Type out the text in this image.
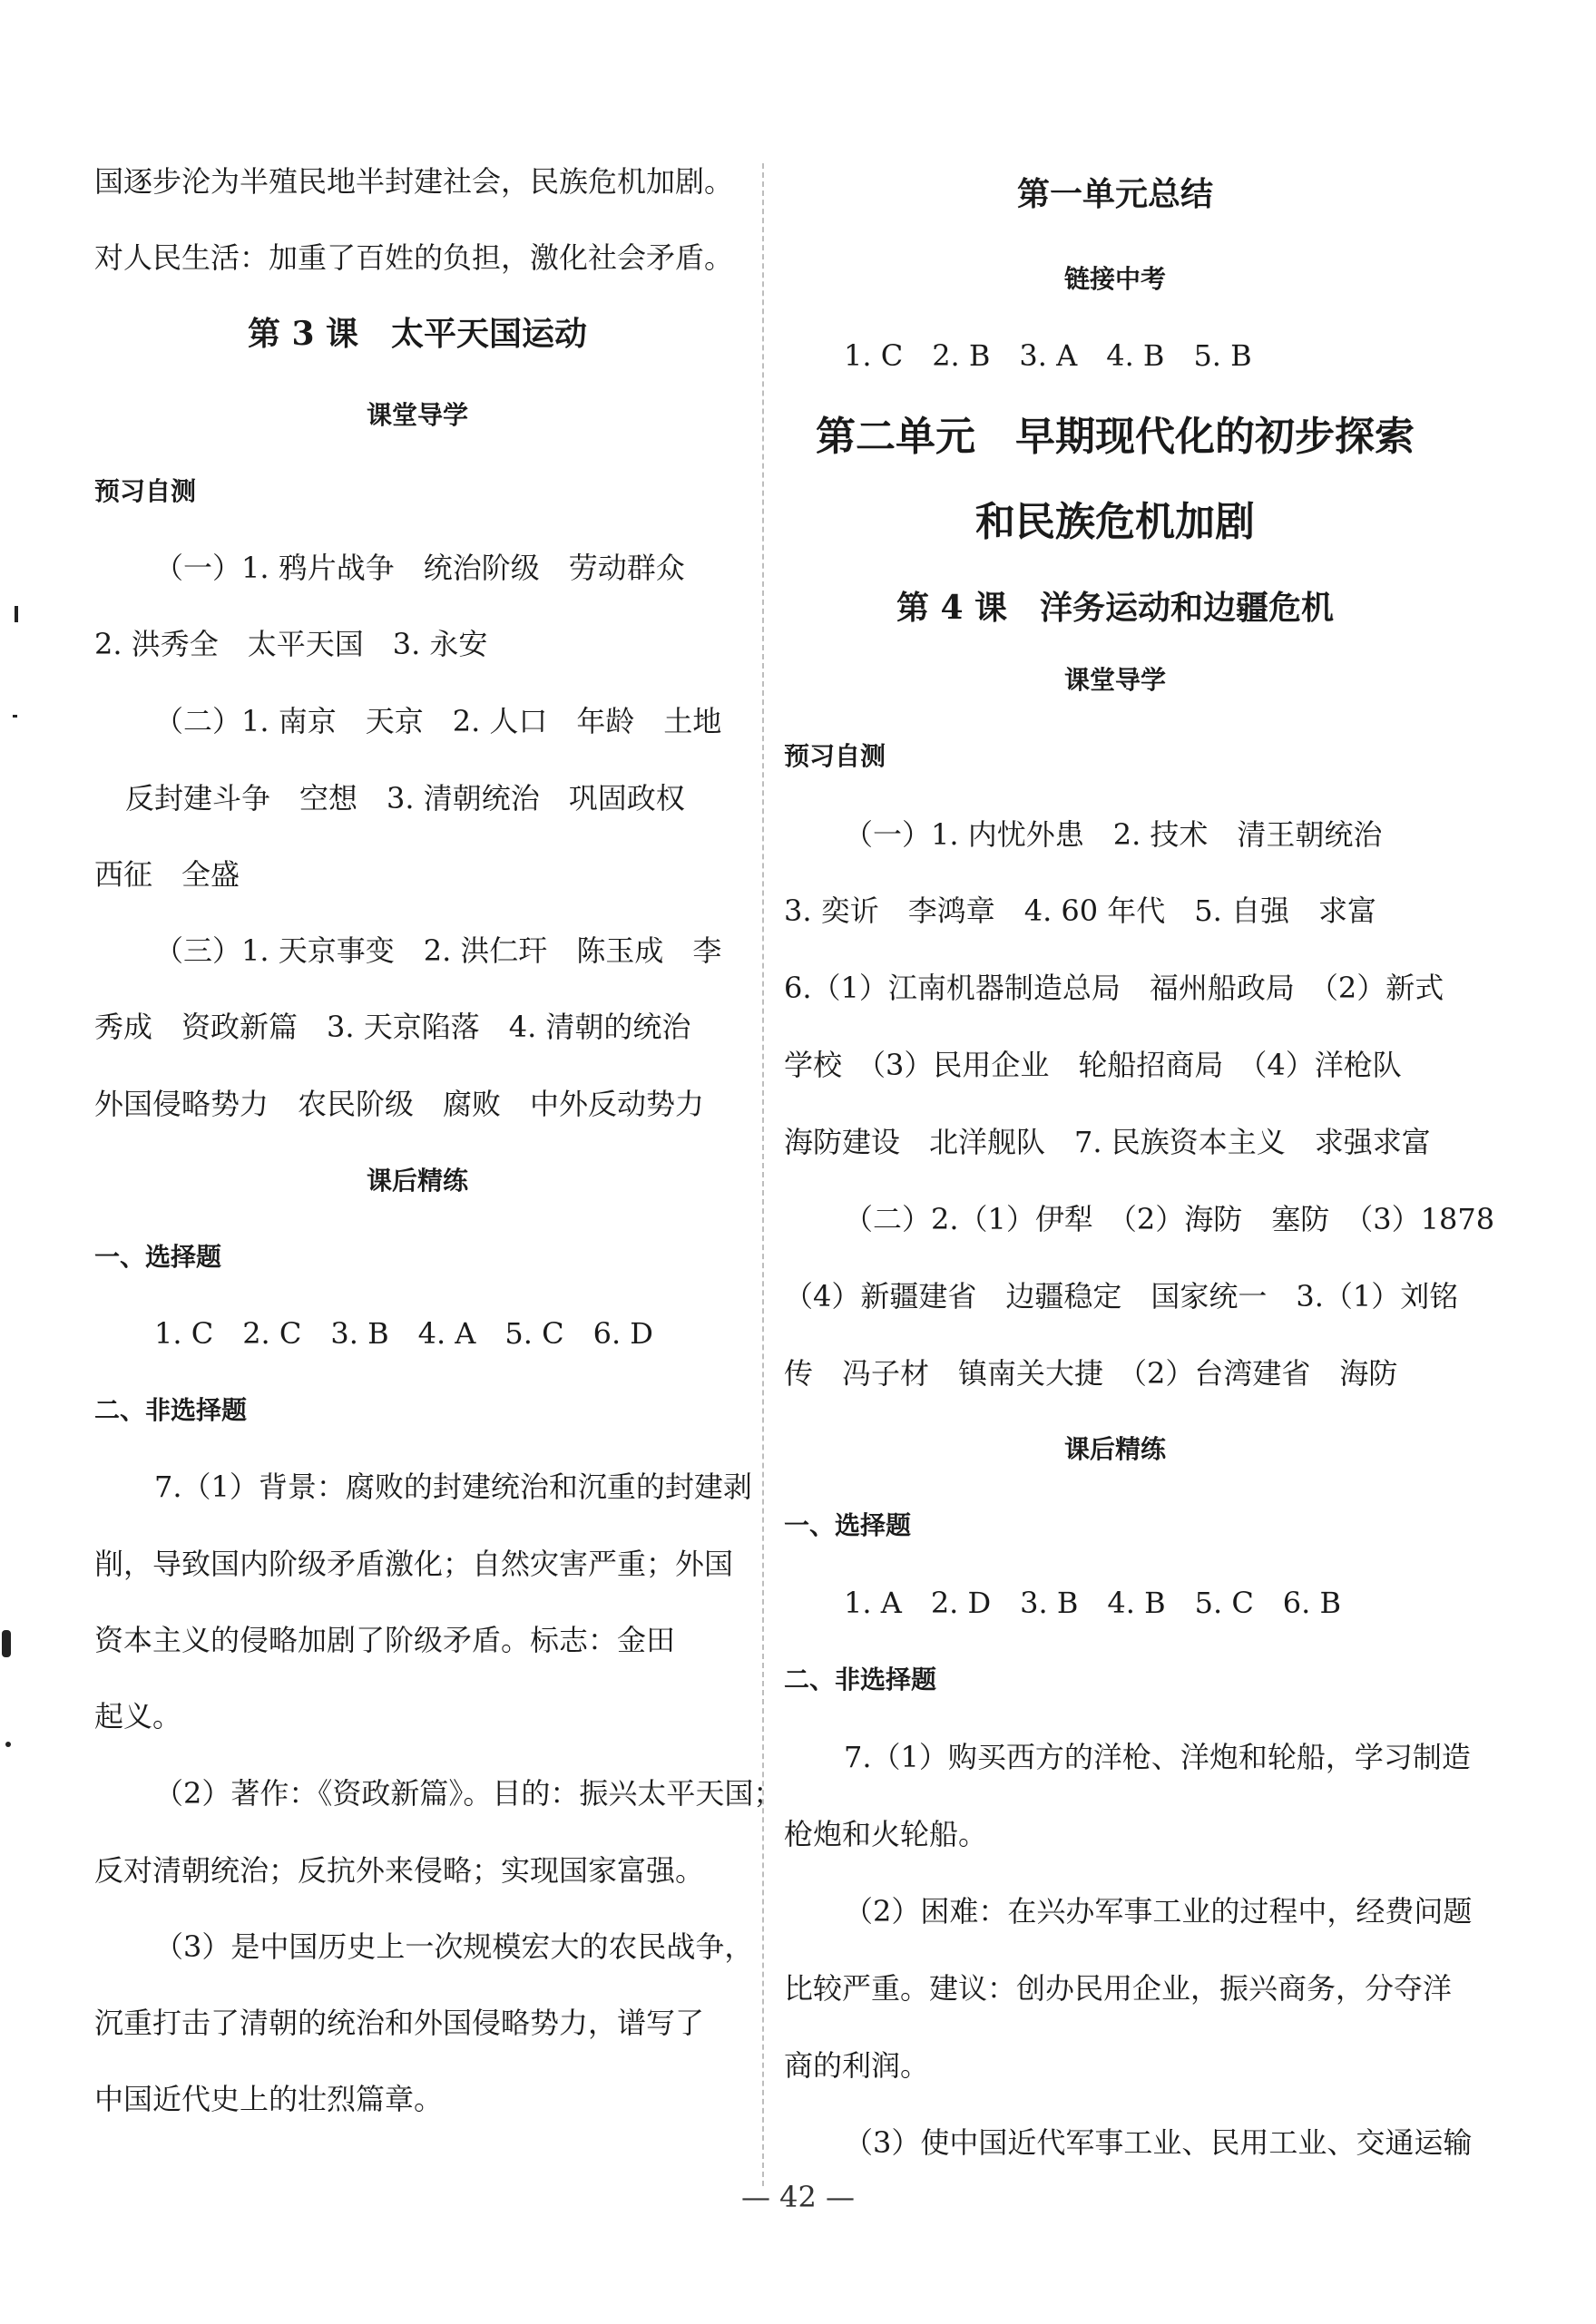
国逐步沦为半殖民地半封建社会，民族危机加剧。
对人民生活：加重了百姓的负担，激化社会矛盾。
第 3 课　太平天国运动
课堂导学
预习自测
（一）1. 鸦片战争　统治阶级　劳动群众
2. 洪秀全　太平天国　3. 永安
（二）1. 南京　天京　2. 人口　年龄　土地
反封建斗争　空想　3. 清朝统治　巩固政权
西征　全盛
（三）1. 天京事变　2. 洪仁玕　陈玉成　李
秀成　资政新篇　3. 天京陷落　4. 清朝的统治
外国侵略势力　农民阶级　腐败　中外反动势力
课后精练
一、选择题
1. C　2. C　3. B　4. A　5. C　6. D
二、非选择题
7.（1）背景：腐败的封建统治和沉重的封建剥
削，导致国内阶级矛盾激化；自然灾害严重；外国
资本主义的侵略加剧了阶级矛盾。标志：金田
起义。
（2）著作：《资政新篇》。目的：振兴太平天国；
反对清朝统治；反抗外来侵略；实现国家富强。
（3）是中国历史上一次规模宏大的农民战争，
沉重打击了清朝的统治和外国侵略势力，谱写了
中国近代史上的壮烈篇章。
第一单元总结
链接中考
1. C　2. B　3. A　4. B　5. B
第二单元　早期现代化的初步探索
和民族危机加剧
第 4 课　洋务运动和边疆危机
课堂导学
预习自测
（一）1. 内忧外患　2. 技术　清王朝统治
3. 奕䜣　李鸿章　4. 60 年代　5. 自强　求富
6.（1）江南机器制造总局　福州船政局　（2）新式
学校　（3）民用企业　轮船招商局　（4）洋枪队
海防建设　北洋舰队　7. 民族资本主义　求强求富
（二）2.（1）伊犁　（2）海防　塞防　（3）1878
（4）新疆建省　边疆稳定　国家统一　3.（1）刘铭
传　冯子材　镇南关大捷　（2）台湾建省　海防
课后精练
一、选择题
1. A　2. D　3. B　4. B　5. C　6. B
二、非选择题
7.（1）购买西方的洋枪、洋炮和轮船，学习制造
枪炮和火轮船。
（2）困难：在兴办军事工业的过程中，经费问题
比较严重。建议：创办民用企业，振兴商务，分夺洋
商的利润。
（3）使中国近代军事工业、民用工业、交通运输
— 42 —
